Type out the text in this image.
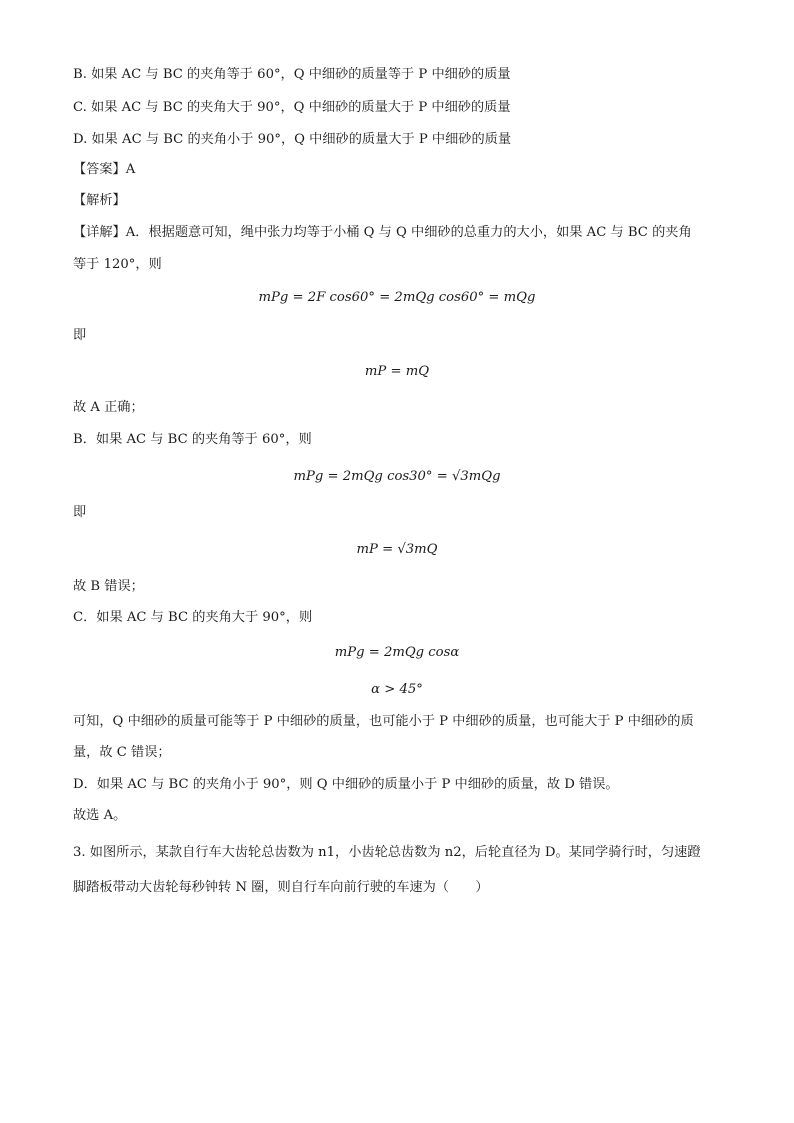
B. 如果 AC 与 BC 的夹角等于 60°，Q 中细砂的质量等于 P 中细砂的质量
C. 如果 AC 与 BC 的夹角大于 90°，Q 中细砂的质量大于 P 中细砂的质量
D. 如果 AC 与 BC 的夹角小于 90°，Q 中细砂的质量大于 P 中细砂的质量
【答案】A
【解析】
【详解】A．根据题意可知，绳中张力均等于小桶 Q 与 Q 中细砂的总重力的大小，如果 AC 与 BC 的夹角
等于 120°，则
mPg = 2F cos60° = 2mQg cos60° = mQg
即
mP = mQ
故 A 正确；
B．如果 AC 与 BC 的夹角等于 60°，则
mPg = 2mQg cos30° = √3mQg
即
mP = √3mQ
故 B 错误；
C．如果 AC 与 BC 的夹角大于 90°，则
mPg = 2mQg cosα
α > 45°
可知，Q 中细砂的质量可能等于 P 中细砂的质量，也可能小于 P 中细砂的质量，也可能大于 P 中细砂的质
量，故 C 错误；
D．如果 AC 与 BC 的夹角小于 90°，则 Q 中细砂的质量小于 P 中细砂的质量，故 D 错误。
故选 A。
3. 如图所示，某款自行车大齿轮总齿数为 n1，小齿轮总齿数为 n2，后轮直径为 D。某同学骑行时，匀速蹬
脚踏板带动大齿轮每秒钟转 N 圈，则自行车向前行驶的车速为（　　）
